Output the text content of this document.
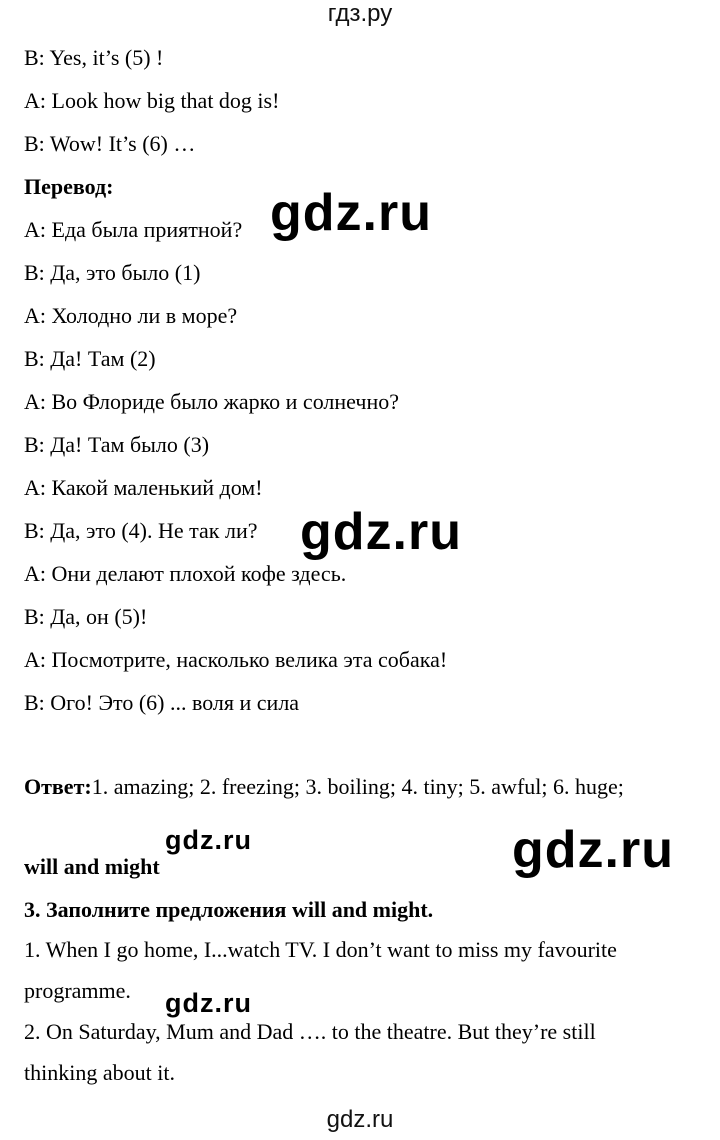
гдз.ру
B: Yes, it’s (5) !
A: Look how big that dog is!
B: Wow! It’s (6) …
Перевод:
A: Еда была приятной?
B: Да, это было (1)
A: Холодно ли в море?
B: Да! Там (2)
A: Во Флориде было жарко и солнечно?
B: Да! Там было (3)
A: Какой маленький дом!
B: Да, это (4). Не так ли?
A: Они делают плохой кофе здесь.
B: Да, он (5)!
A: Посмотрите, насколько велика эта собака!
B: Ого! Это (6) ... воля и сила
Ответ:1. amazing; 2. freezing; 3. boiling; 4. tiny; 5. awful; 6. huge;
will and might
3. Заполните предложения will and might.
1. When I go home, I...watch TV. I don’t want to miss my favourite
programme.
2. On Saturday, Mum and Dad …. to the theatre. But they’re still
thinking about it.
gdz.ru
gdz.ru
gdz.ru
gdz.ru
gdz.ru
gdz.ru
